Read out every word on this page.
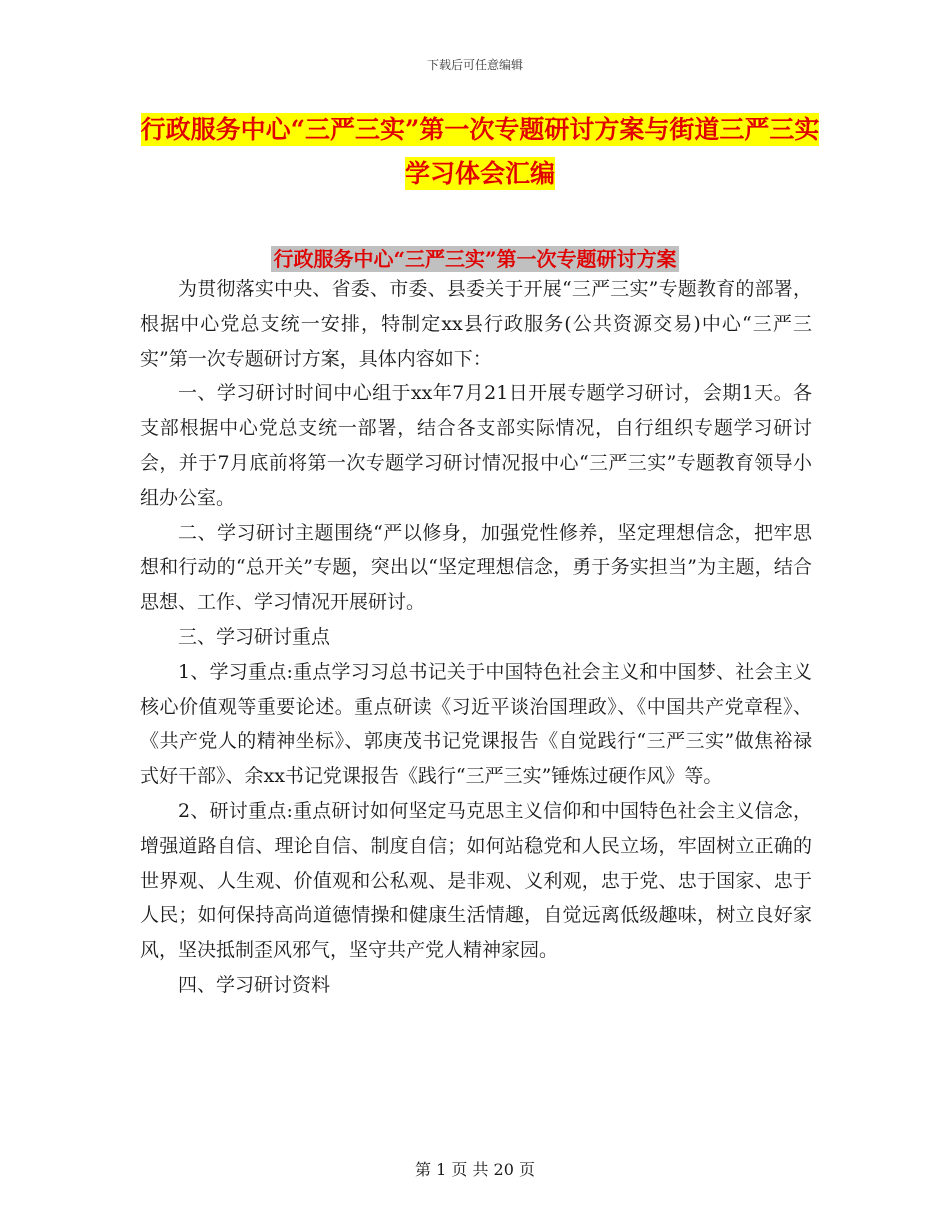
下载后可任意编辑
行政服务中心“三严三实”第一次专题研讨方案与街道三严三实学习体会汇编
行政服务中心“三严三实”第一次专题研讨方案

为贯彻落实中央、省委、市委、县委关于开展“三严三实”专题教育的部署，根据中心党总支统一安排，特制定xx县行政服务(公共资源交易)中心“三严三实”第一次专题研讨方案，具体内容如下：

一、学习研讨时间中心组于xx年7月21日开展专题学习研讨，会期1天。各支部根据中心党总支统一部署，结合各支部实际情况，自行组织专题学习研讨会，并于7月底前将第一次专题学习研讨情况报中心“三严三实”专题教育领导小组办公室。

二、学习研讨主题围绕“严以修身，加强党性修养，坚定理想信念，把牢思想和行动的“总开关”专题，突出以“坚定理想信念，勇于务实担当”为主题，结合思想、工作、学习情况开展研讨。

三、学习研讨重点

1、学习重点:重点学习习总书记关于中国特色社会主义和中国梦、社会主义核心价值观等重要论述。重点研读《习近平谈治国理政》、《中国共产党章程》、《共产党人的精神坐标》、郭庚茂书记党课报告《自觉践行“三严三实”做焦裕禄式好干部》、余xx书记党课报告《践行“三严三实”锤炼过硬作风》等。

2、研讨重点:重点研讨如何坚定马克思主义信仰和中国特色社会主义信念，增强道路自信、理论自信、制度自信；如何站稳党和人民立场，牢固树立正确的世界观、人生观、价值观和公私观、是非观、义利观，忠于党、忠于国家、忠于人民；如何保持高尚道德情操和健康生活情趣，自觉远离低级趣味，树立良好家风，坚决抵制歪风邪气，坚守共产党人精神家园。

四、学习研讨资料

第 1 页 共 20 页
